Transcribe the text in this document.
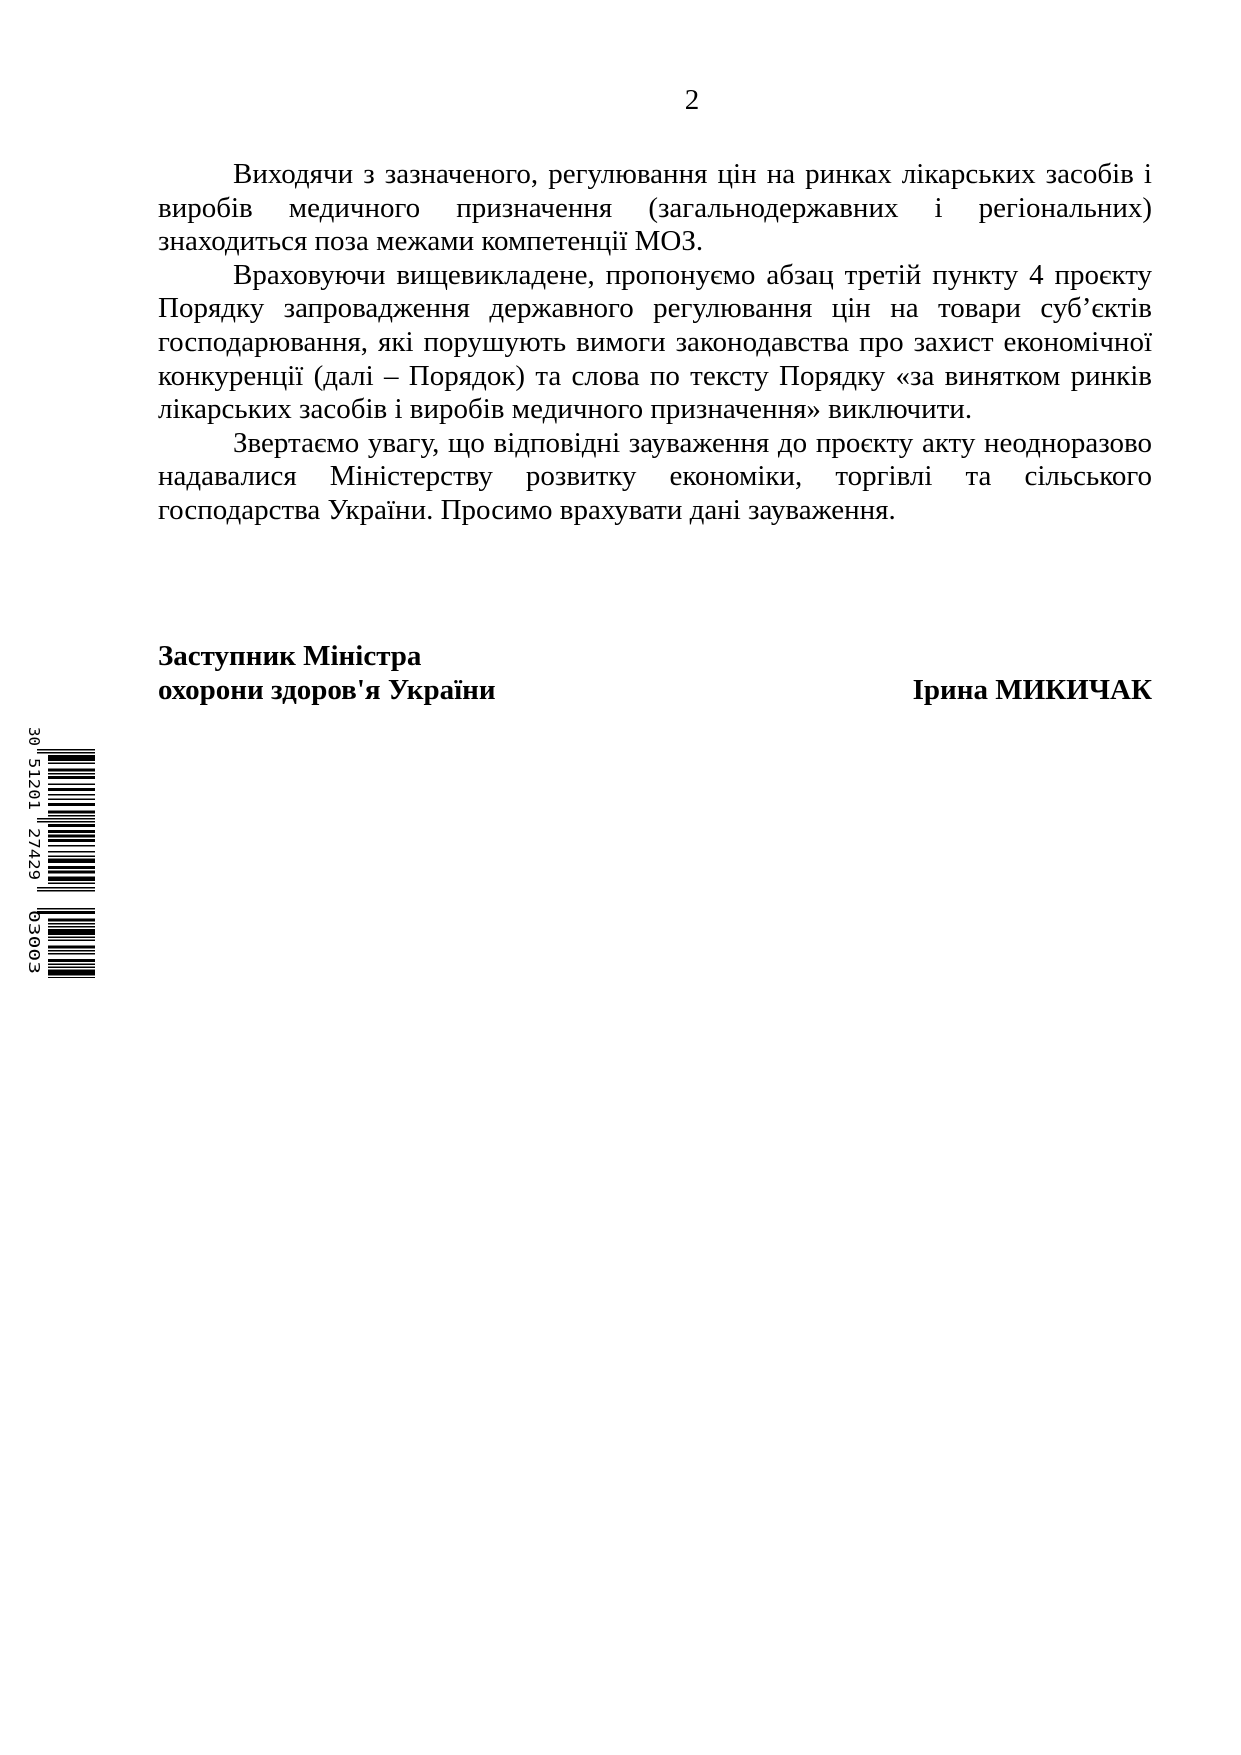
2

Виходячи з зазначеного, регулювання цін на ринках лікарських засобів і виробів медичного призначення (загальнодержавних і регіональних) знаходиться поза межами компетенції МОЗ.

Враховуючи вищевикладене, пропонуємо абзац третій пункту 4 проєкту Порядку запровадження державного регулювання цін на товари суб’єктів господарювання, які порушують вимоги законодавства про захист економічної конкуренції (далі – Порядок) та слова по тексту Порядку «за винятком ринків лікарських засобів і виробів медичного призначення» виключити.

Звертаємо увагу, що відповідні зауваження до проєкту акту неодноразово надавалися Міністерству розвитку економіки, торгівлі та сільського господарства України. Просимо врахувати дані зауваження.

Заступник Міністра
охорони здоров'я України	Ірина МИКИЧАК
30
51201
27429
03003
